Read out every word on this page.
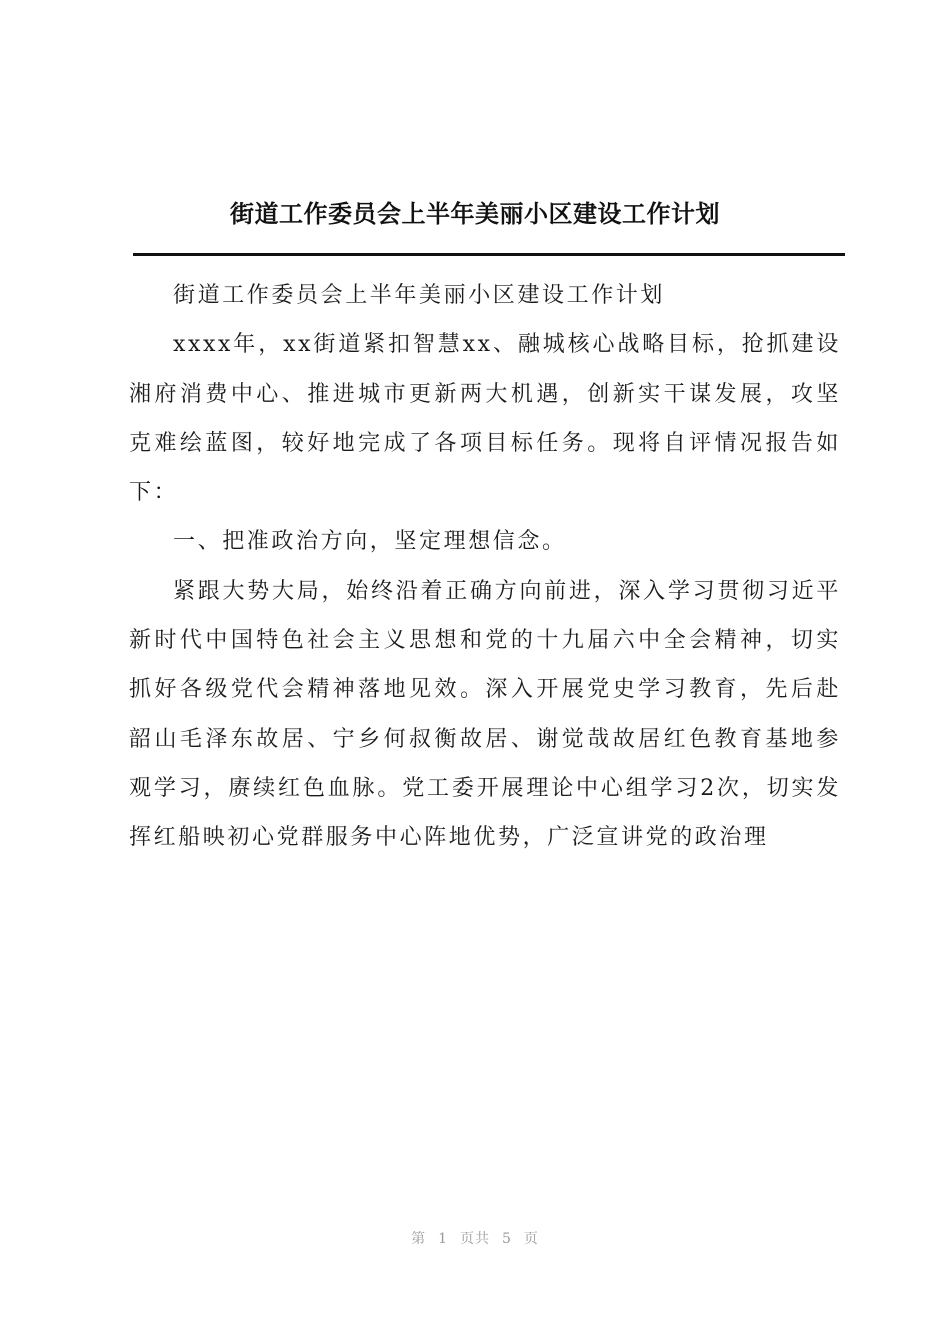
街道工作委员会上半年美丽小区建设工作计划

街道工作委员会上半年美丽小区建设工作计划

xxxx年，xx街道紧扣智慧xx、融城核心战略目标，抢抓建设湘府消费中心、推进城市更新两大机遇，创新实干谋发展，攻坚克难绘蓝图，较好地完成了各项目标任务。现将自评情况报告如下：

一、把准政治方向，坚定理想信念。

紧跟大势大局，始终沿着正确方向前进，深入学习贯彻习近平新时代中国特色社会主义思想和党的十九届六中全会精神，切实抓好各级党代会精神落地见效。深入开展党史学习教育，先后赴韶山毛泽东故居、宁乡何叔衡故居、谢觉哉故居红色教育基地参观学习，赓续红色血脉。党工委开展理论中心组学习2次，切实发挥红船映初心党群服务中心阵地优势，广泛宣讲党的政治理

第 1 页共 5 页
